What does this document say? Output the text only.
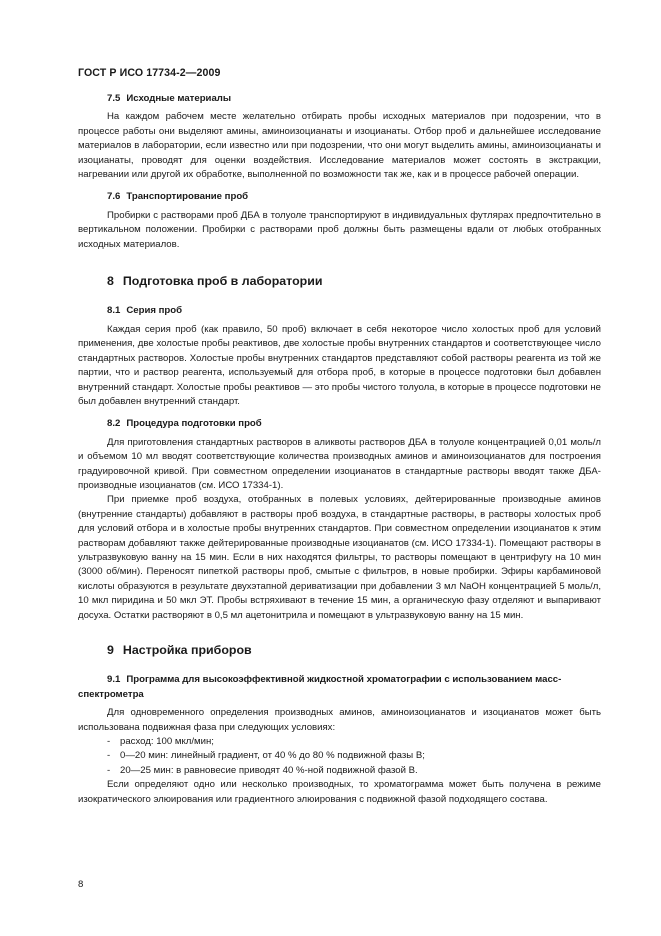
ГОСТ Р ИСО 17734-2—2009
7.5 Исходные материалы

На каждом рабочем месте желательно отбирать пробы исходных материалов при подозрении, что в процессе работы они выделяют амины, аминоизоцианаты и изоцианаты. Отбор проб и дальнейшее исследование материалов в лаборатории, если известно или при подозрении, что они могут выделить амины, аминоизоцианаты и изоцианаты, проводят для оценки воздействия. Исследование материалов может состоять в экстракции, нагревании или другой их обработке, выполненной по возможности так же, как и в процессе рабочей операции.

7.6 Транспортирование проб

Пробирки с растворами проб ДБА в толуоле транспортируют в индивидуальных футлярах предпочтительно в вертикальном положении. Пробирки с растворами проб должны быть размещены вдали от любых отобранных исходных материалов.

8 Подготовка проб в лаборатории
8.1 Серия проб

Каждая серия проб (как правило, 50 проб) включает в себя некоторое число холостых проб для условий применения, две холостые пробы реактивов, две холостые пробы внутренних стандартов и соответствующее число стандартных растворов. Холостые пробы внутренних стандартов представляют собой растворы реагента из той же партии, что и раствор реагента, используемый для отбора проб, в которые в процессе подготовки был добавлен внутренний стандарт. Холостые пробы реактивов — это пробы чистого толуола, в которые в процессе подготовки не был добавлен внутренний стандарт.

8.2 Процедура подготовки проб

Для приготовления стандартных растворов в аликвоты растворов ДБА в толуоле концентрацией 0,01 моль/л и объемом 10 мл вводят соответствующие количества производных аминов и аминоизоцианатов для построения градуировочной кривой. При совместном определении изоцианатов в стандартные растворы вводят также ДБА-производные изоцианатов (см. ИСО 17334-1).

При приемке проб воздуха, отобранных в полевых условиях, дейтерированные производные аминов (внутренние стандарты) добавляют в растворы проб воздуха, в стандартные растворы, в растворы холостых проб для условий отбора и в холостые пробы внутренних стандартов. При совместном определении изоцианатов к этим растворам добавляют также дейтерированные производные изоцианатов (см. ИСО 17334-1). Помещают растворы в ультразвуковую ванну на 15 мин. Если в них находятся фильтры, то растворы помещают в центрифугу на 10 мин (3000 об/мин). Переносят пипеткой растворы проб, смытые с фильтров, в новые пробирки. Эфиры карбаминовой кислоты образуются в результате двухэтапной дериватизации при добавлении 3 мл NaOH концентрацией 5 моль/л, 10 мкл пиридина и 50 мкл ЭТ. Пробы встряхивают в течение 15 мин, а органическую фазу отделяют и выпаривают досуха. Остатки растворяют в 0,5 мл ацетонитрила и помещают в ультразвуковую ванну на 15 мин.

9 Настройка приборов
9.1 Программа для высокоэффективной жидкостной хроматографии с использованием масс-спектрометра

Для одновременного определения производных аминов, аминоизоцианатов и изоцианатов может быть использована подвижная фаза при следующих условиях:

- расход: 100 мкл/мин;
- 0—20 мин: линейный градиент, от 40 % до 80 % подвижной фазы В;
- 20—25 мин: в равновесие приводят 40 %-ной подвижной фазой В.

Если определяют одно или несколько производных, то хроматограмма может быть получена в режиме изократического элюирования или градиентного элюирования с подвижной фазой подходящего состава.

8
